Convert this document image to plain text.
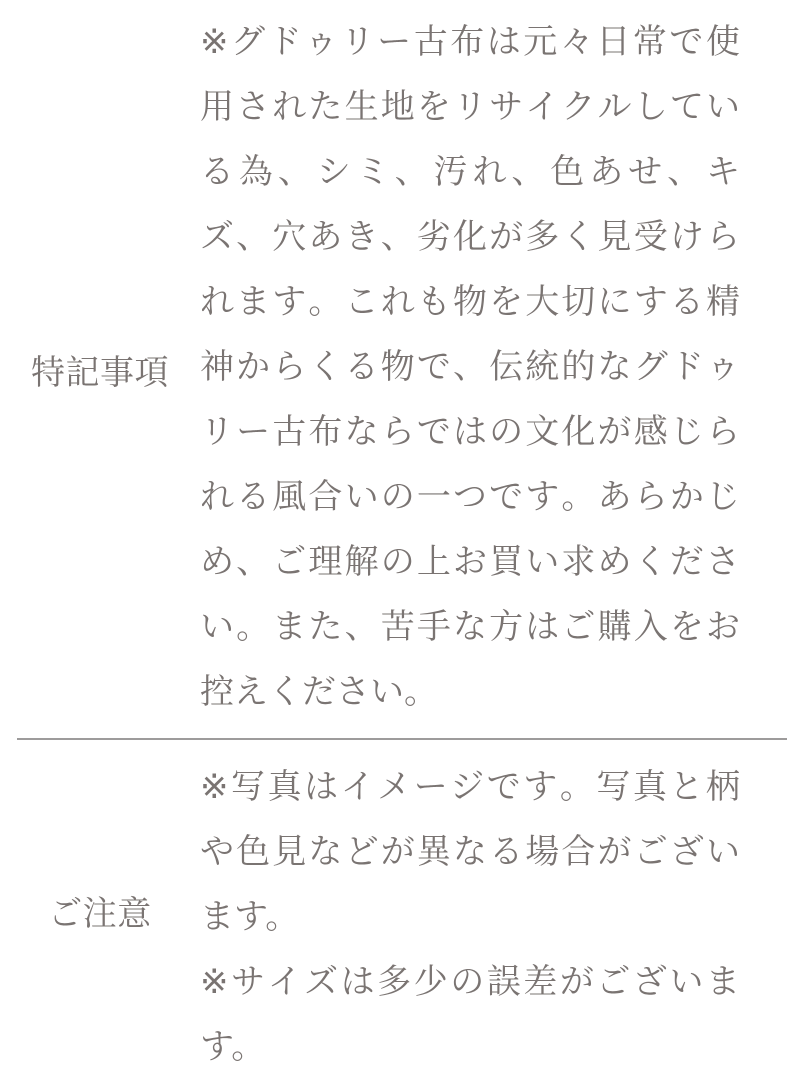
特記事項
※ グ ド ゥ リ ー 古 布 は 元 々 日 常 で 使
用 さ れ た 生 地 を リ サ イ ク ル し て い
る 為 、 シ ミ 、 汚 れ 、 色 あ せ 、 キ
ズ 、 穴 あ き 、 劣 化 が 多 く 見 受 け ら
れ ま す 。 こ れ も 物 を 大 切 に す る 精
神 か ら く る 物 で 、 伝 統 的 な グ ド ゥ
リ ー 古 布 な ら で は の 文 化 が 感 じ ら
れ る 風 合 い の 一 つ で す 。 あ ら か じ
め 、 ご 理 解 の 上 お 買 い 求 め く だ さ
い 。 ま た 、 苦 手 な 方 は ご 購 入 を お
控えください。
ご注意
※ 写 真 は イ メ ー ジ で す 。 写 真 と 柄
や 色 見 な ど が 異 な る 場 合 が ご ざ い
ます。
※ サ イ ズ は 多 少 の 誤 差 が ご ざ い ま
す。
